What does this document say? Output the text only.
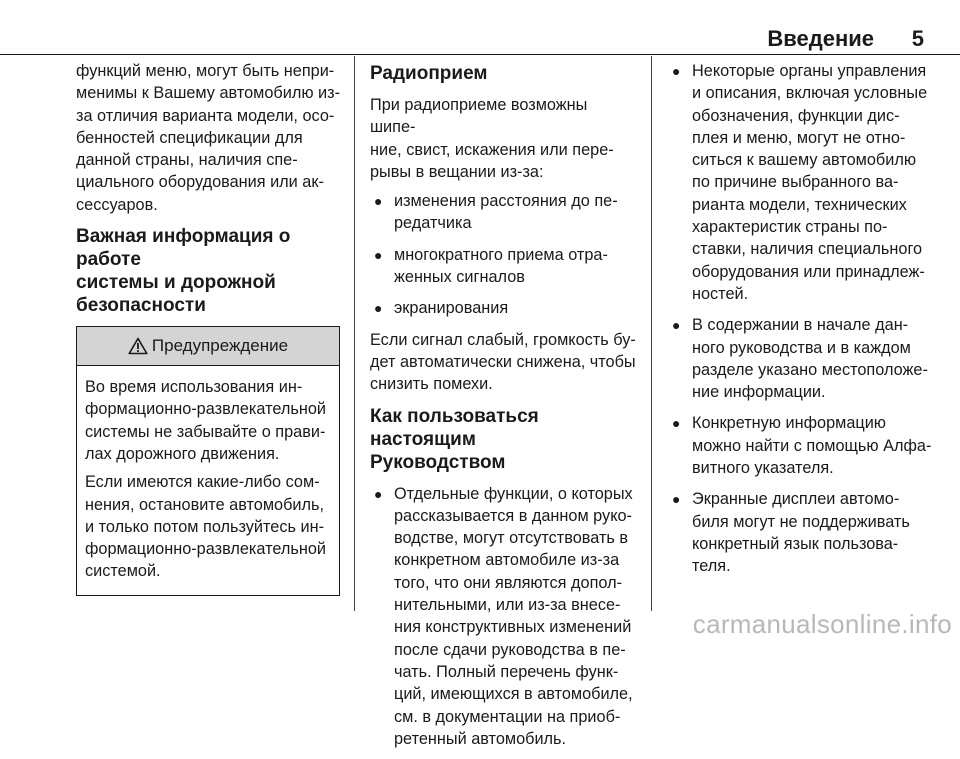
Введение 5

функций меню, могут быть непри-
менимы к Вашему автомобилю из-
за отличия варианта модели, осо-
бенностей спецификации для
данной страны, наличия спе-
циального оборудования или ак-
сессуаров.

Важная информация о работе
системы и дорожной
безопасности
Предупреждение

Во время использования ин-
формационно-развлекательной
системы не забывайте о прави-
лах дорожного движения.

Если имеются какие-либо сом-
нения, остановите автомобиль,
и только потом пользуйтесь ин-
формационно-развлекательной
системой.

Радиоприем

При радиоприеме возможны шипе-
ние, свист, искажения или пере-
рывы в вещании из-за:

● изменения расстояния до пе-
редатчика
● многократного приема отра-
женных сигналов
● экранирования

Если сигнал слабый, громкость бу-
дет автоматически снижена, чтобы
снизить помехи.

Как пользоваться настоящим
Руководством
● Отдельные функции, о которых
рассказывается в данном руко-
водстве, могут отсутствовать в
конкретном автомобиле из-за
того, что они являются допол-
нительными, или из-за внесе-
ния конструктивных изменений
после сдачи руководства в пе-
чать. Полный перечень функ-
ций, имеющихся в автомобиле,
см. в документации на приоб-
ретенный автомобиль.
● Некоторые органы управления
и описания, включая условные
обозначения, функции дис-
плея и меню, могут не отно-
ситься к вашему автомобилю
по причине выбранного ва-
рианта модели, технических
характеристик страны по-
ставки, наличия специального
оборудования или принадлеж-
ностей.
● В содержании в начале дан-
ного руководства и в каждом
разделе указано местоположе-
ние информации.
● Конкретную информацию
можно найти с помощью Алфа-
витного указателя.
● Экранные дисплеи автомо-
биля могут не поддерживать
конкретный язык пользова-
теля.
carmanualsonline.info
